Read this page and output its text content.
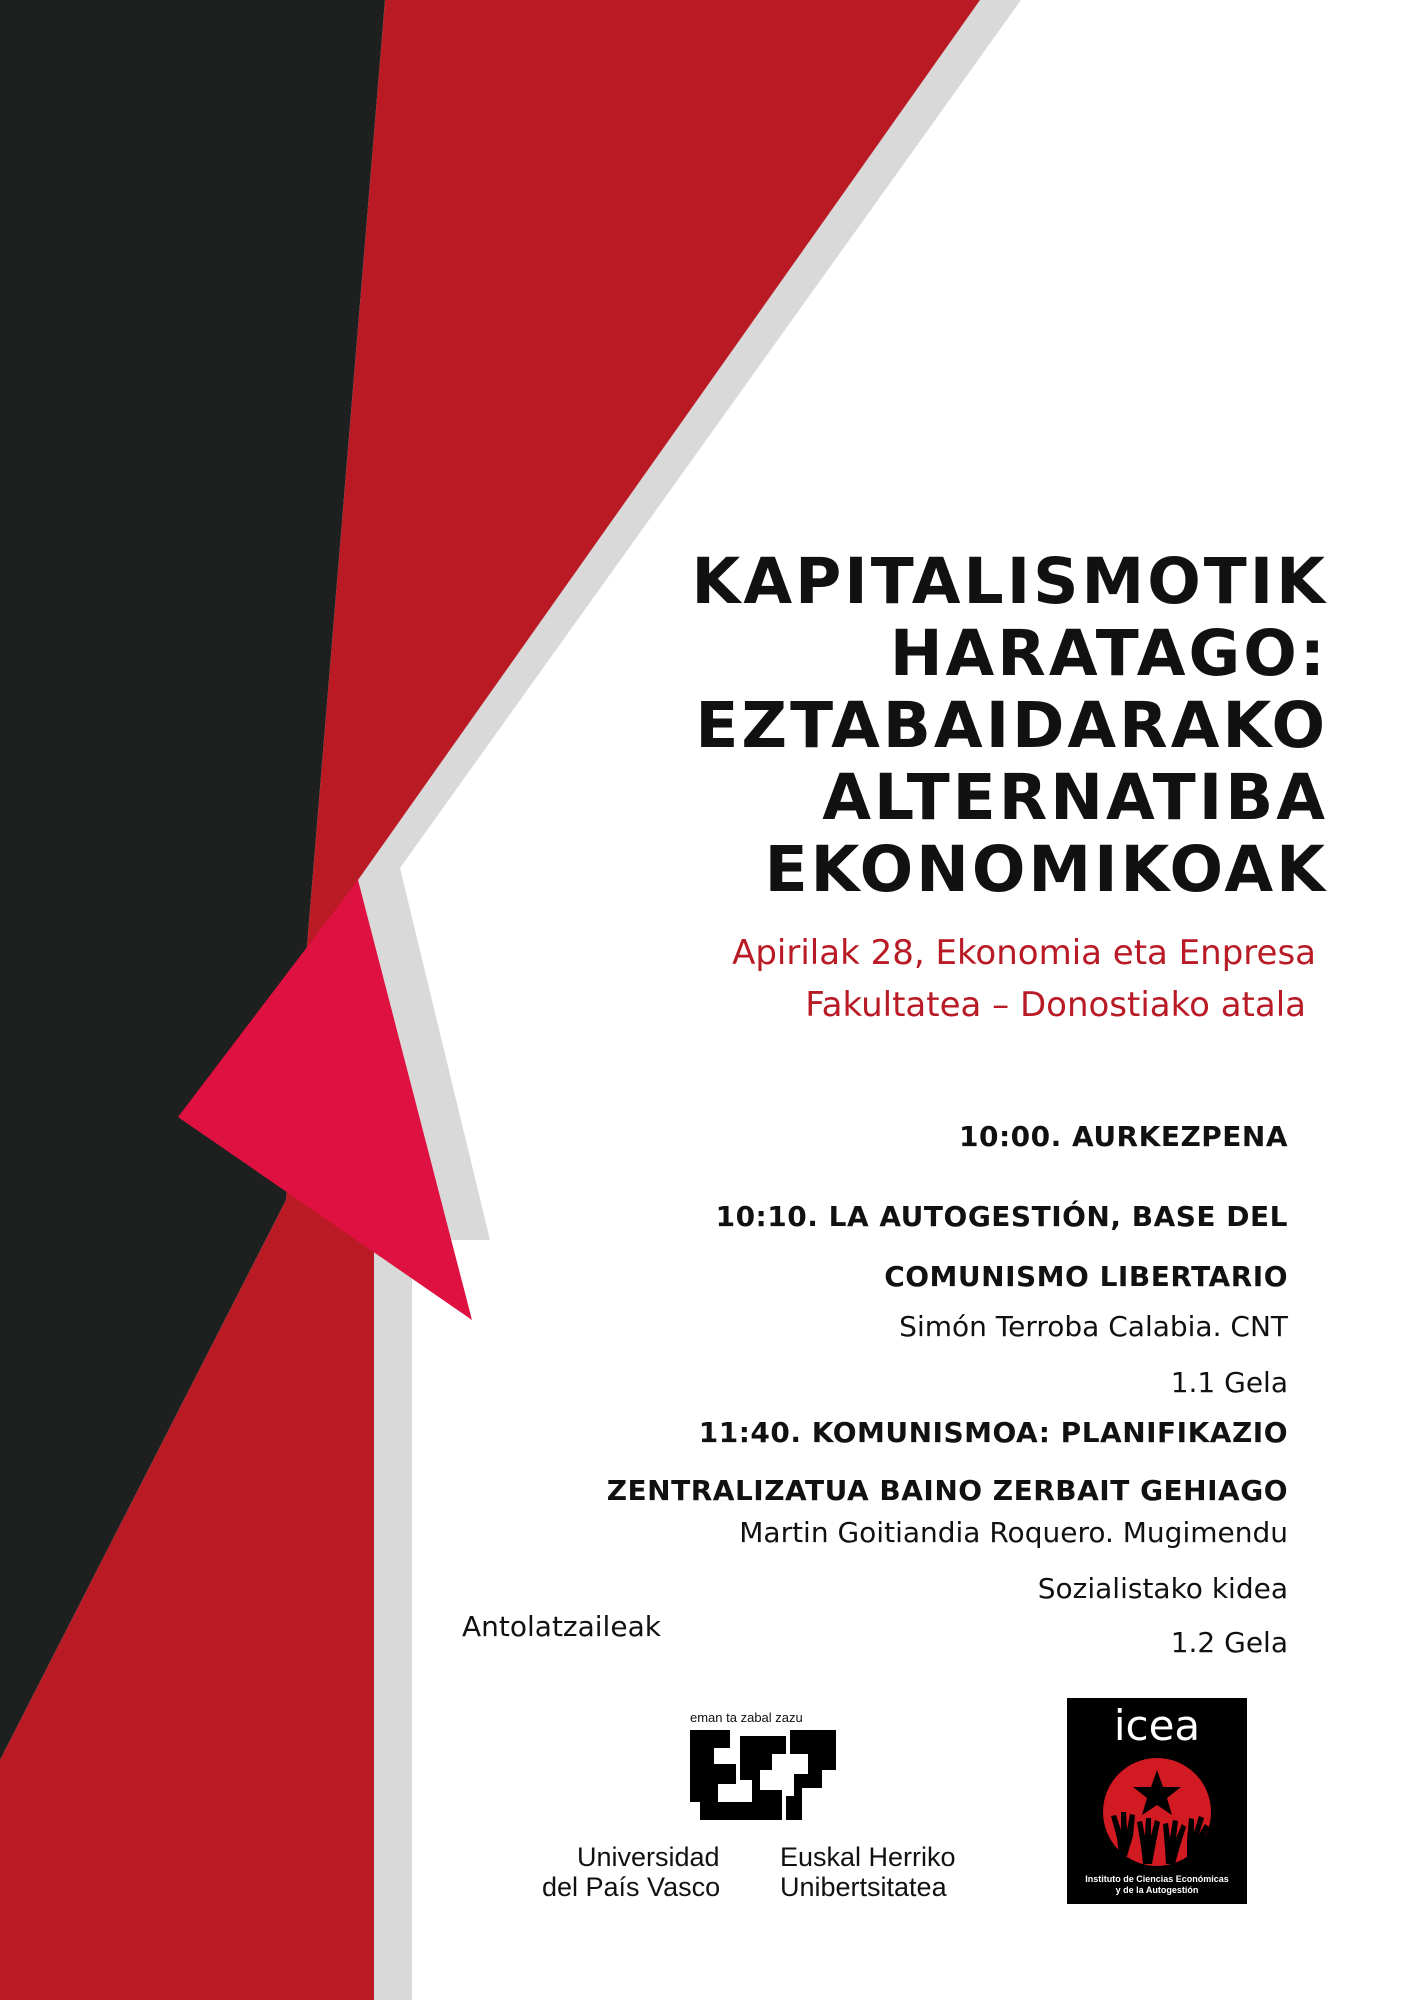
KAPITALISMOTIK
HARATAGO:
EZTABAIDARAKO
ALTERNATIBA
EKONOMIKOAK
Apirilak 28, Ekonomia eta Enpresa
Fakultatea – Donostiako atala
10:00. AURKEZPENA
10:10. LA AUTOGESTIÓN, BASE DEL
COMUNISMO LIBERTARIO
Simón Terroba Calabia. CNT
1.1 Gela
11:40. KOMUNISMOA: PLANIFIKAZIO
ZENTRALIZATUA BAINO ZERBAIT GEHIAGO
Martin Goitiandia Roquero. Mugimendu
Sozialistako kidea
1.2 Gela
Antolatzaileak
eman ta zabal zazu
Universidad
del País Vasco
Euskal Herriko
Unibertsitatea
icea
Instituto de Ciencias Económicas
y de la Autogestión
